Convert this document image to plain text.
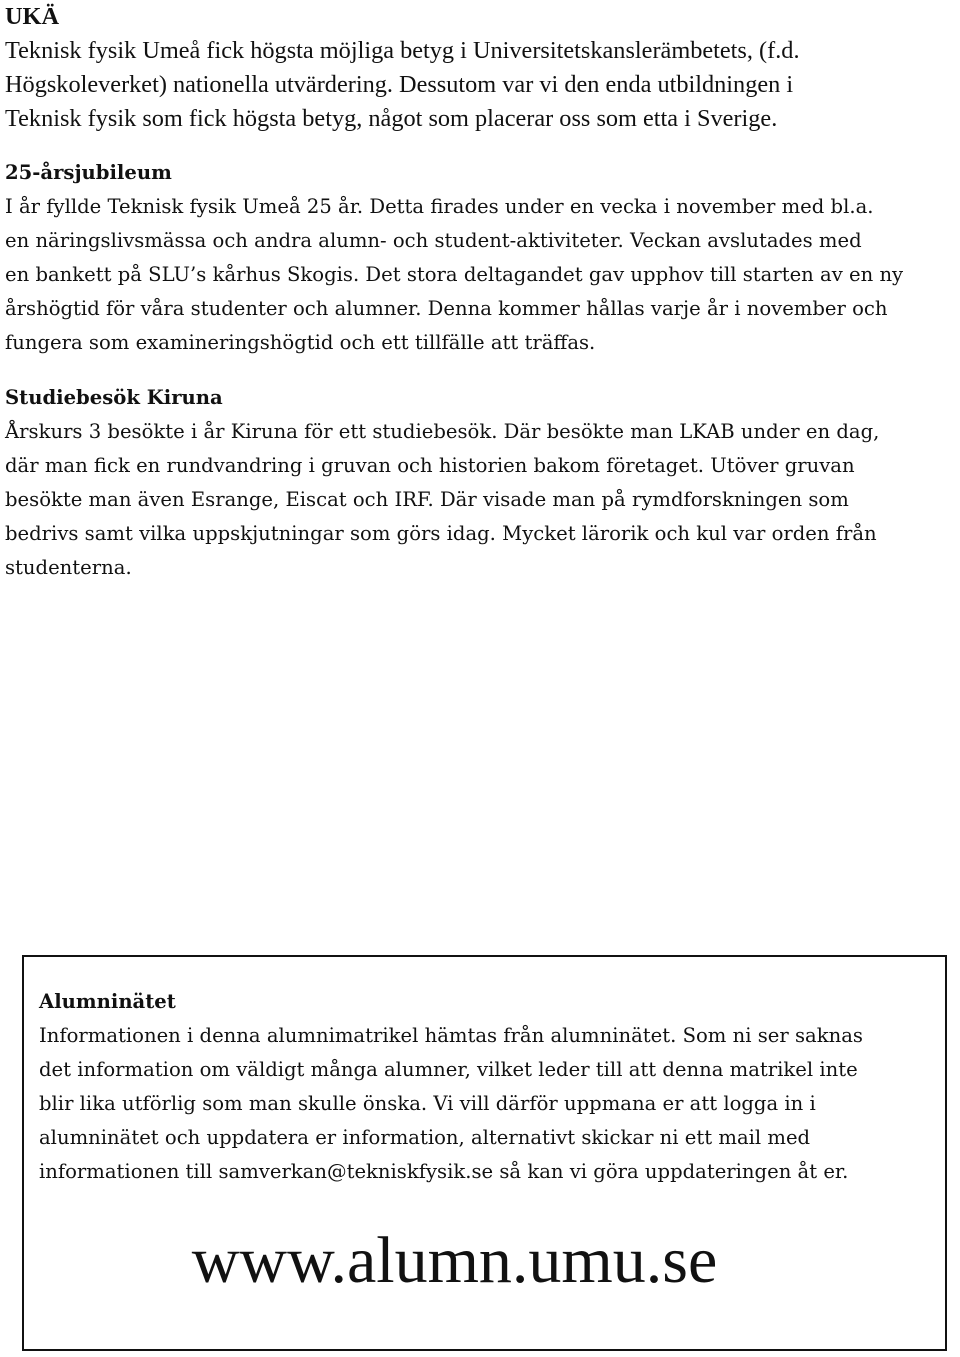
UKÄ

Teknisk fysik Umeå fick högsta möjliga betyg i Universitetskanslerämbetets, (f.d.

Högskoleverket) nationella utvärdering. Dessutom var vi den enda utbildningen i

Teknisk fysik som fick högsta betyg, något som placerar oss som etta i Sverige.

25-årsjubileum

I år fyllde Teknisk fysik Umeå 25 år. Detta firades under en vecka i november med bl.a.

en näringslivsmässa och andra alumn- och student-aktiviteter. Veckan avslutades med

en bankett på SLU’s kårhus Skogis. Det stora deltagandet gav upphov till starten av en ny

årshögtid för våra studenter och alumner. Denna kommer hållas varje år i november och

fungera som examineringshögtid och ett tillfälle att träffas.

Studiebesök Kiruna

Årskurs 3 besökte i år Kiruna för ett studiebesök. Där besökte man LKAB under en dag,

där man fick en rundvandring i gruvan och historien bakom företaget. Utöver gruvan

besökte man även Esrange, Eiscat och IRF. Där visade man på rymdforskningen som

bedrivs samt vilka uppskjutningar som görs idag. Mycket lärorik och kul var orden från

studenterna.

Alumninätet

Informationen i denna alumnimatrikel hämtas från alumninätet. Som ni ser saknas

det information om väldigt många alumner, vilket leder till att denna matrikel inte

blir lika utförlig som man skulle önska. Vi vill därför uppmana er att logga in i

alumninätet och uppdatera er information, alternativt skickar ni ett mail med

informationen till samverkan@tekniskfysik.se så kan vi göra uppdateringen åt er.

www.alumn.umu.se
